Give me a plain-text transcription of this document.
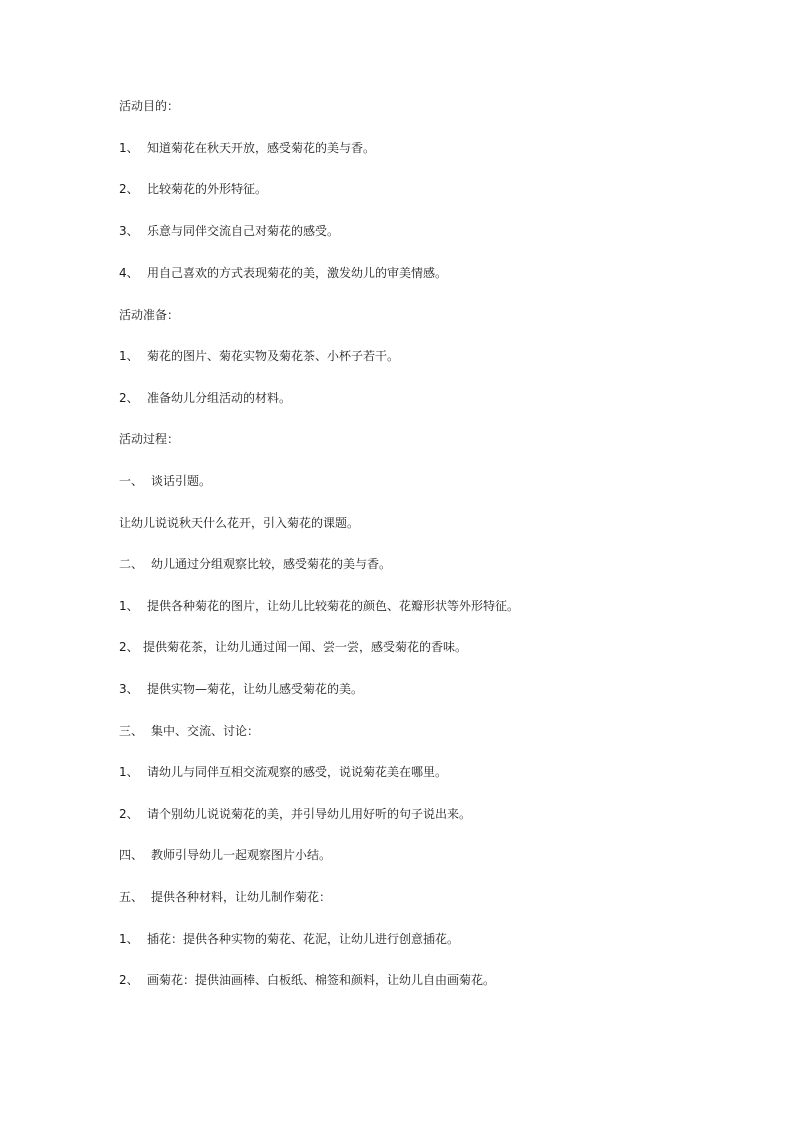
活动目的：
1、 知道菊花在秋天开放，感受菊花的美与香。
2、 比较菊花的外形特征。
3、 乐意与同伴交流自己对菊花的感受。
4、 用自己喜欢的方式表现菊花的美，激发幼儿的审美情感。
活动准备：
1、 菊花的图片、菊花实物及菊花茶、小杯子若干。
2、 准备幼儿分组活动的材料。
活动过程：
一、 谈话引题。
让幼儿说说秋天什么花开，引入菊花的课题。
二、 幼儿通过分组观察比较，感受菊花的美与香。
1、 提供各种菊花的图片，让幼儿比较菊花的颜色、花瓣形状等外形特征。
2、 提供菊花茶，让幼儿通过闻一闻、尝一尝，感受菊花的香味。
3、 提供实物—菊花，让幼儿感受菊花的美。
三、 集中、交流、讨论：
1、 请幼儿与同伴互相交流观察的感受，说说菊花美在哪里。
2、 请个别幼儿说说菊花的美，并引导幼儿用好听的句子说出来。
四、 教师引导幼儿一起观察图片小结。
五、 提供各种材料，让幼儿制作菊花：
1、 插花：提供各种实物的菊花、花泥，让幼儿进行创意插花。
2、 画菊花：提供油画棒、白板纸、棉签和颜料，让幼儿自由画菊花。
